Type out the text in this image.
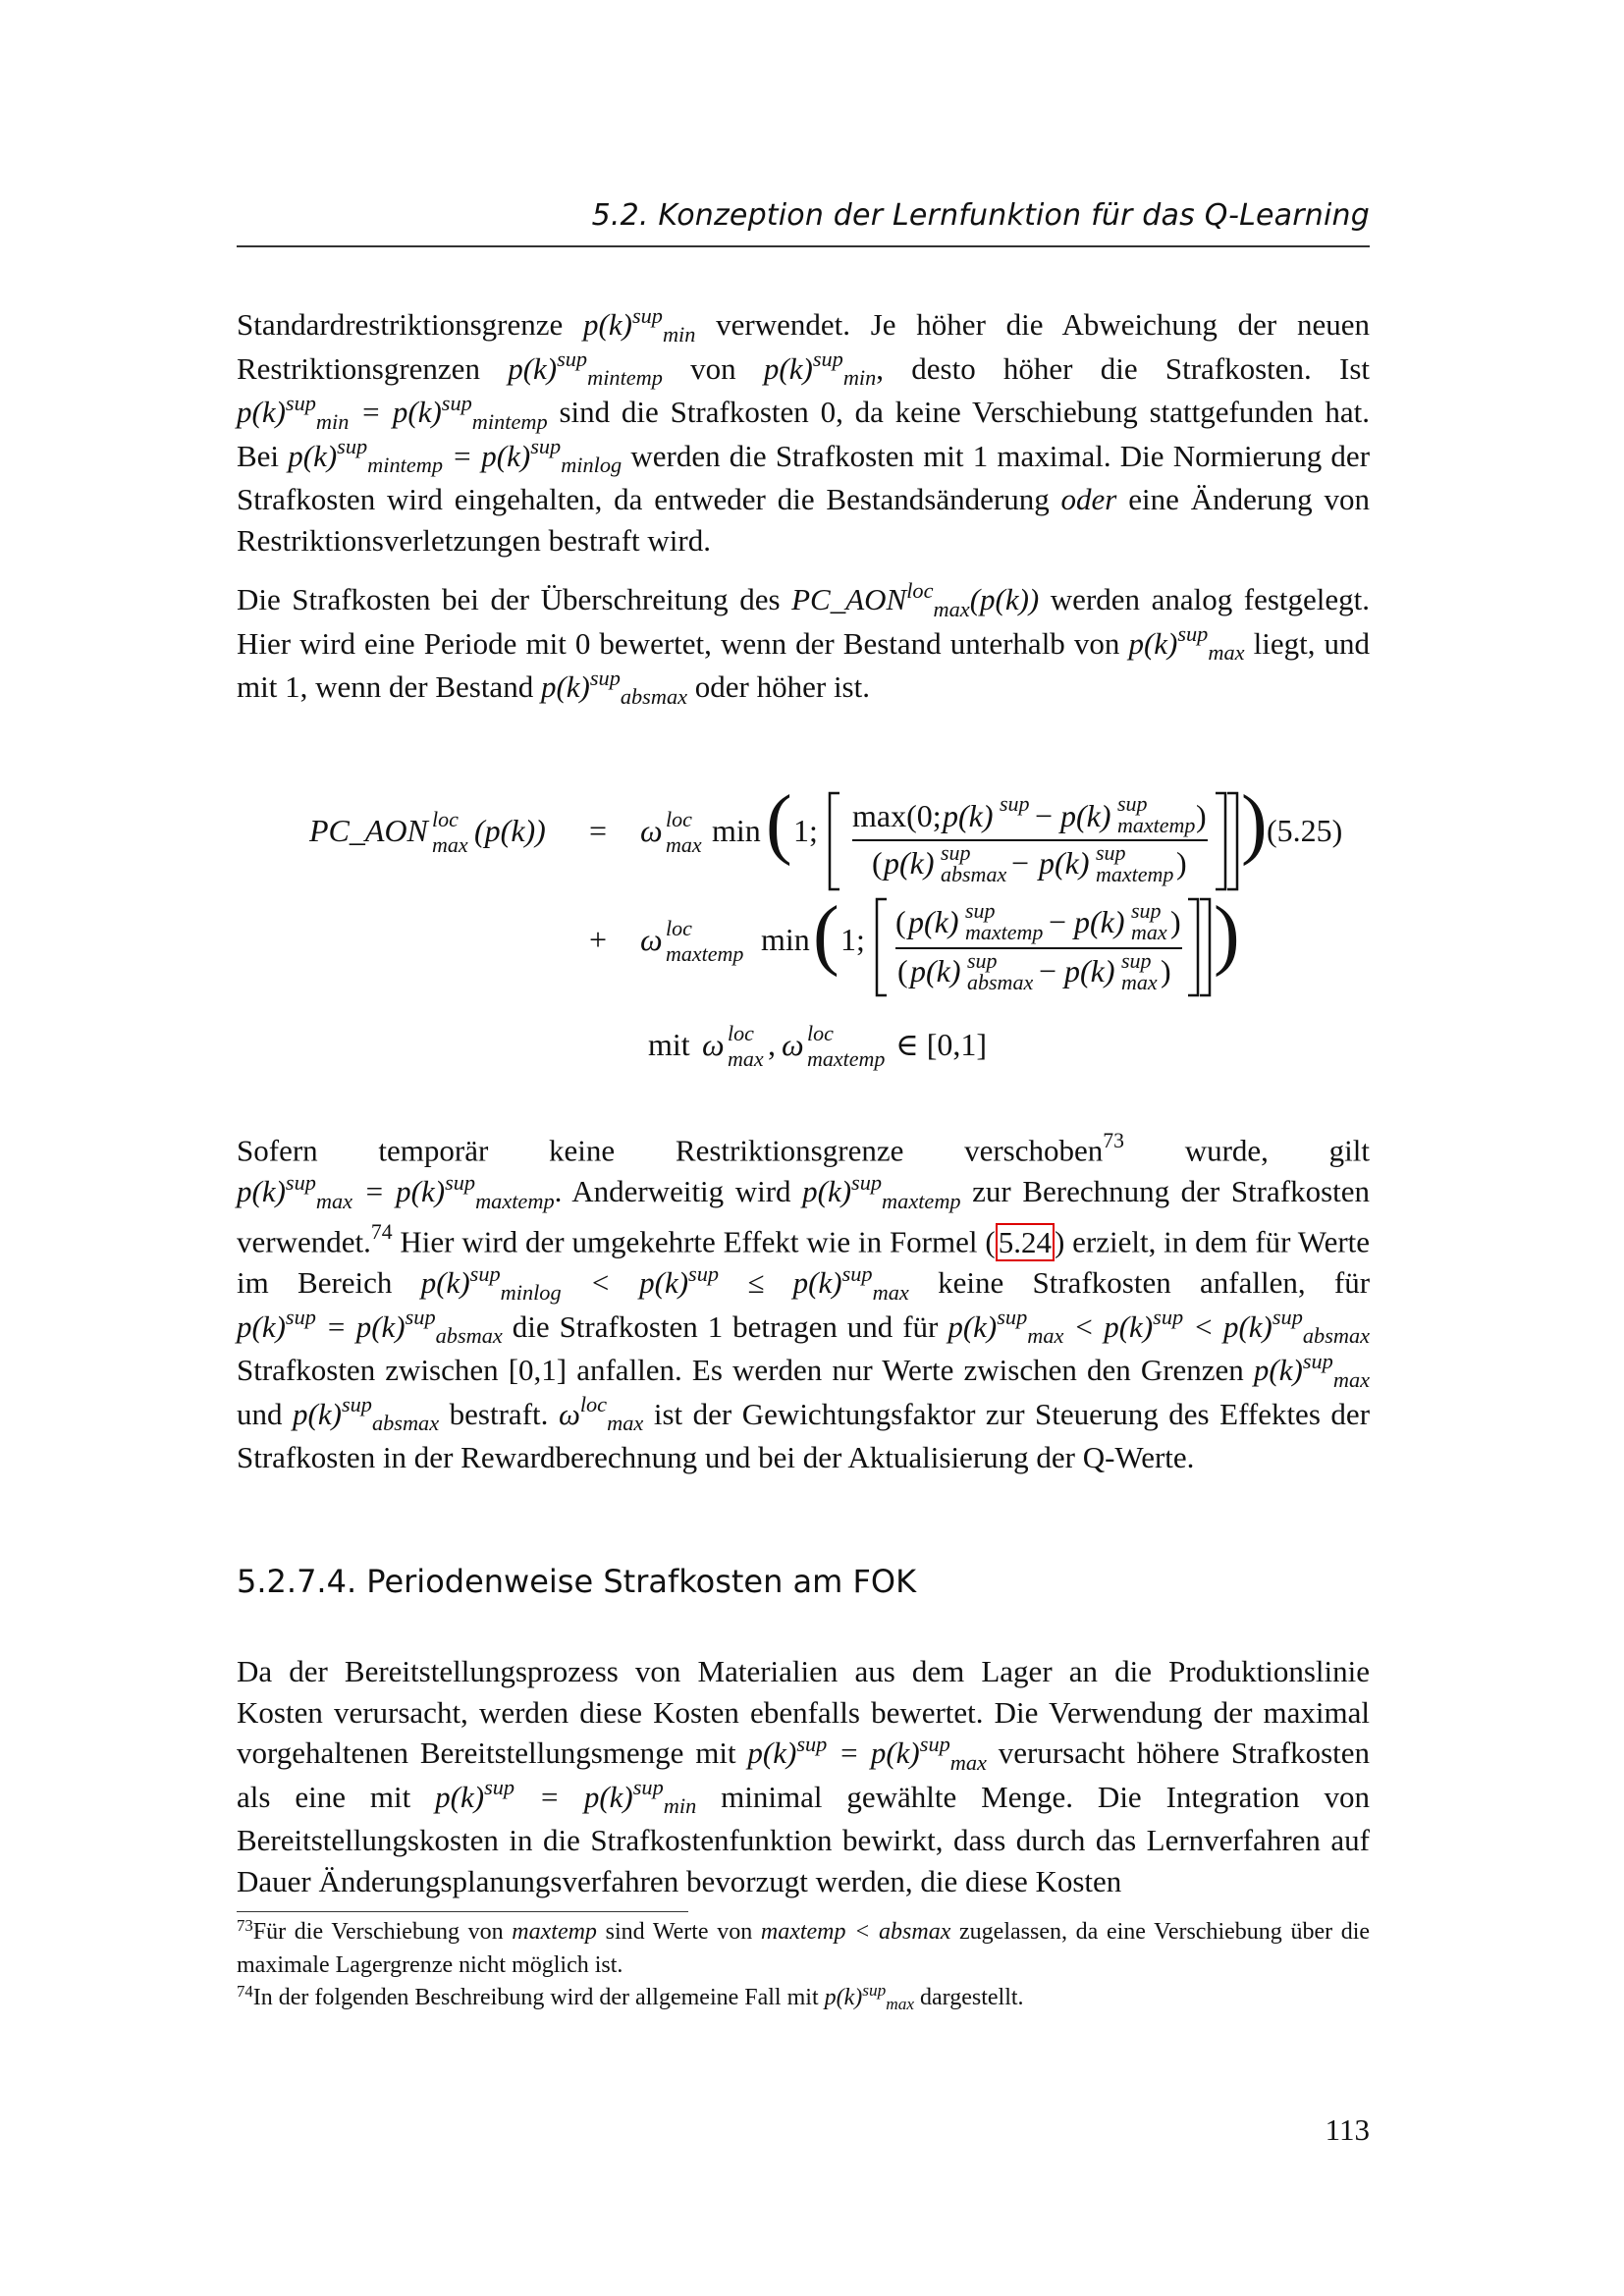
5.2. Konzeption der Lernfunktion für das Q-Learning
Standardrestriktionsgrenze $p(k)^{sup}_{min}$ verwendet. Je höher die Abweichung der neuen Restriktionsgrenzen $p(k)^{sup}_{mintemp}$ von $p(k)^{sup}_{min}$, desto höher die Strafkosten. Ist $p(k)^{sup}_{min} = p(k)^{sup}_{mintemp}$ sind die Strafkosten 0, da keine Verschiebung stattgefunden hat. Bei $p(k)^{sup}_{mintemp} = p(k)^{sup}_{minlog}$ werden die Strafkosten mit 1 maximal. Die Normierung der Strafkosten wird eingehalten, da entweder die Bestandsänderung oder eine Änderung von Restriktionsverletzungen bestraft wird.
Die Strafkosten bei der Überschreitung des $PC\_AON^{loc}_{max}(p(k))$ werden analog festgelegt. Hier wird eine Periode mit 0 bewertet, wenn der Bestand unterhalb von $p(k)^{sup}_{max}$ liegt, und mit 1, wenn der Bestand $p(k)^{sup}_{absmax}$ oder höher ist.
PC_AON loc
max (p(k)) = ω loc
max min ( 1; max(0; p(k) sup − p(k) sup
maxtemp )
( p(k) sup
absmax − p(k) sup
maxtemp ) ) (5.25)
+ ω loc
maxtemp min ( 1; ( p(k) sup
maxtemp − p(k) sup
max )
( p(k) sup
absmax − p(k) sup
max ) )
mit ω loc
max , ω loc
maxtemp ∈ [0,1]
Sofern temporär keine Restriktionsgrenze verschoben$^{73}$ wurde, gilt $p(k)^{sup}_{max} = p(k)^{sup}_{maxtemp}$. Anderweitig wird $p(k)^{sup}_{maxtemp}$ zur Berechnung der Strafkosten verwendet.$^{74}$ Hier wird der umgekehrte Effekt wie in Formel (5.24) erzielt, in dem für Werte im Bereich $p(k)^{sup}_{minlog} < p(k)^{sup} \le p(k)^{sup}_{max}$ keine Strafkosten anfallen, für $p(k)^{sup} = p(k)^{sup}_{absmax}$ die Strafkosten 1 betragen und für $p(k)^{sup}_{max} < p(k)^{sup} < p(k)^{sup}_{absmax}$ Strafkosten zwischen [0,1] anfallen. Es werden nur Werte zwischen den Grenzen $p(k)^{sup}_{max}$ und $p(k)^{sup}_{absmax}$ bestraft. $\omega^{loc}_{max}$ ist der Gewichtungsfaktor zur Steuerung des Effektes der Strafkosten in der Rewardberechnung und bei der Aktualisierung der Q-Werte.
5.2.7.4. Periodenweise Strafkosten am FOK
Da der Bereitstellungsprozess von Materialien aus dem Lager an die Produktionslinie Kosten verursacht, werden diese Kosten ebenfalls bewertet. Die Verwendung der maximal vorgehaltenen Bereitstellungsmenge mit $p(k)^{sup} = p(k)^{sup}_{max}$ verursacht höhere Strafkosten als eine mit $p(k)^{sup} = p(k)^{sup}_{min}$ minimal gewählte Menge. Die Integration von Bereitstellungskosten in die Strafkostenfunktion bewirkt, dass durch das Lernverfahren auf Dauer Änderungsplanungsverfahren bevorzugt werden, die diese Kosten
$^{73}$Für die Verschiebung von maxtemp sind Werte von maxtemp < absmax zugelassen, da eine Verschiebung über die maximale Lagergrenze nicht möglich ist.
$^{74}$In der folgenden Beschreibung wird der allgemeine Fall mit $p(k)^{sup}_{max}$ dargestellt.
113
